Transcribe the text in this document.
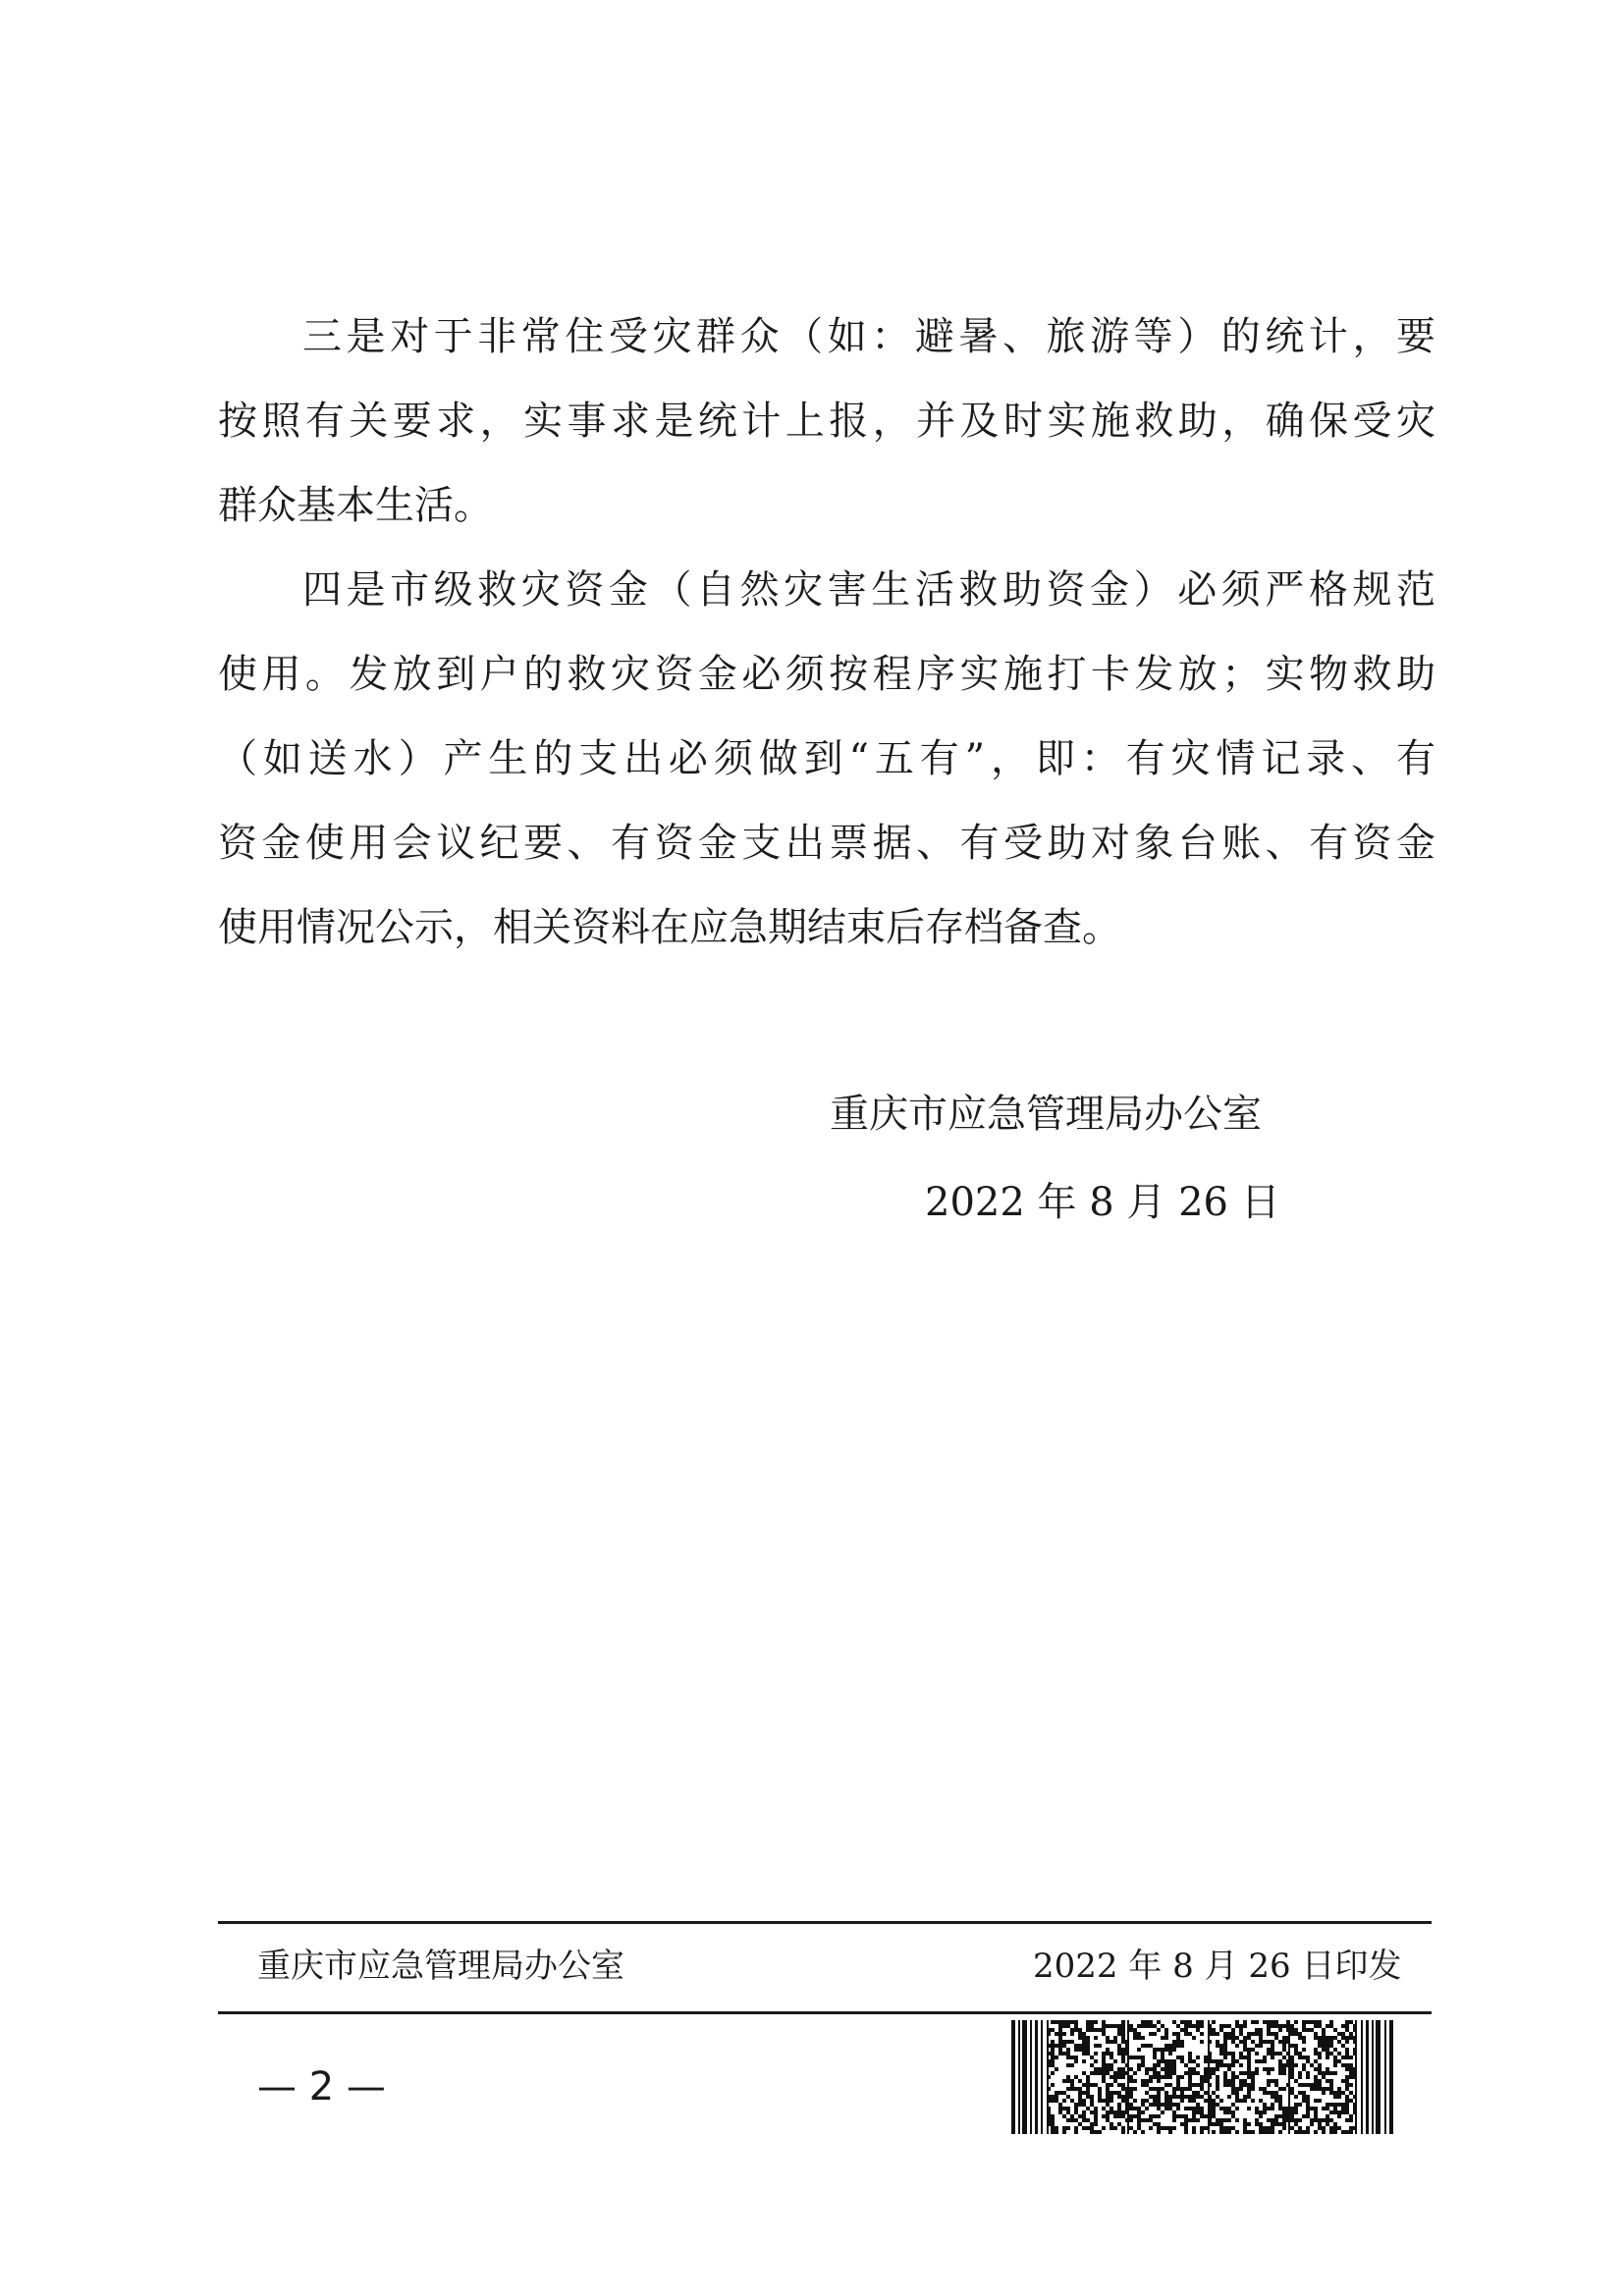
三是对于非常住受灾群众（如：避暑、旅游等）的统计，要
按照有关要求，实事求是统计上报，并及时实施救助，确保受灾
群众基本生活。
四是市级救灾资金（自然灾害生活救助资金）必须严格规范
使用。发放到户的救灾资金必须按程序实施打卡发放；实物救助
（如送水）产生的支出必须做到“五有”，即：有灾情记录、有
资金使用会议纪要、有资金支出票据、有受助对象台账、有资金
使用情况公示，相关资料在应急期结束后存档备查。
重庆市应急管理局办公室
2022 年 8 月 26 日
重庆市应急管理局办公室	2022 年 8 月 26 日印发
— 2 —
